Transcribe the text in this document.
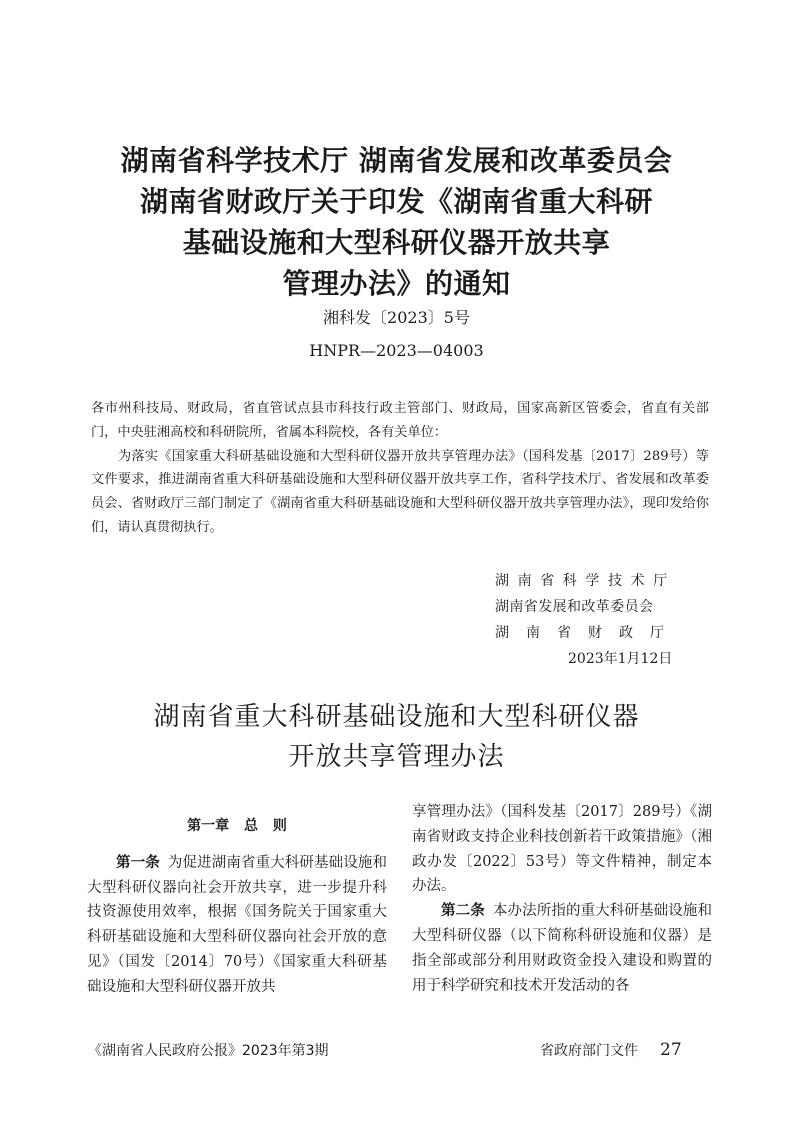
湖南省科学技术厅 湖南省发展和改革委员会
湖南省财政厅关于印发《湖南省重大科研
基础设施和大型科研仪器开放共享
管理办法》的通知
湘科发〔2023〕5号
HNPR—2023—04003

各市州科技局、财政局，省直管试点县市科技行政主管部门、财政局，国家高新区管委会，省直有关部门，中央驻湘高校和科研院所，省属本科院校，各有关单位：

为落实《国家重大科研基础设施和大型科研仪器开放共享管理办法》（国科发基〔2017〕289号）等文件要求，推进湖南省重大科研基础设施和大型科研仪器开放共享工作，省科学技术厅、省发展和改革委员会、省财政厅三部门制定了《湖南省重大科研基础设施和大型科研仪器开放共享管理办法》，现印发给你们，请认真贯彻执行。

湖南省科学技术厅
湖南省发展和改革委员会
湖南省财政厅
2023年1月12日
湖南省重大科研基础设施和大型科研仪器
开放共享管理办法

第一章 总 则

第一条 为促进湖南省重大科研基础设施和大型科研仪器向社会开放共享，进一步提升科技资源使用效率，根据《国务院关于国家重大科研基础设施和大型科研仪器向社会开放的意见》（国发〔2014〕70号）《国家重大科研基础设施和大型科研仪器开放共

享管理办法》（国科发基〔2017〕289号）《湖南省财政支持企业科技创新若干政策措施》（湘政办发〔2022〕53号）等文件精神，制定本办法。

第二条 本办法所指的重大科研基础设施和大型科研仪器（以下简称科研设施和仪器）是指全部或部分利用财政资金投入建设和购置的用于科学研究和技术开发活动的各

《湖南省人民政府公报》2023年第3期	省政府部门文件 27
